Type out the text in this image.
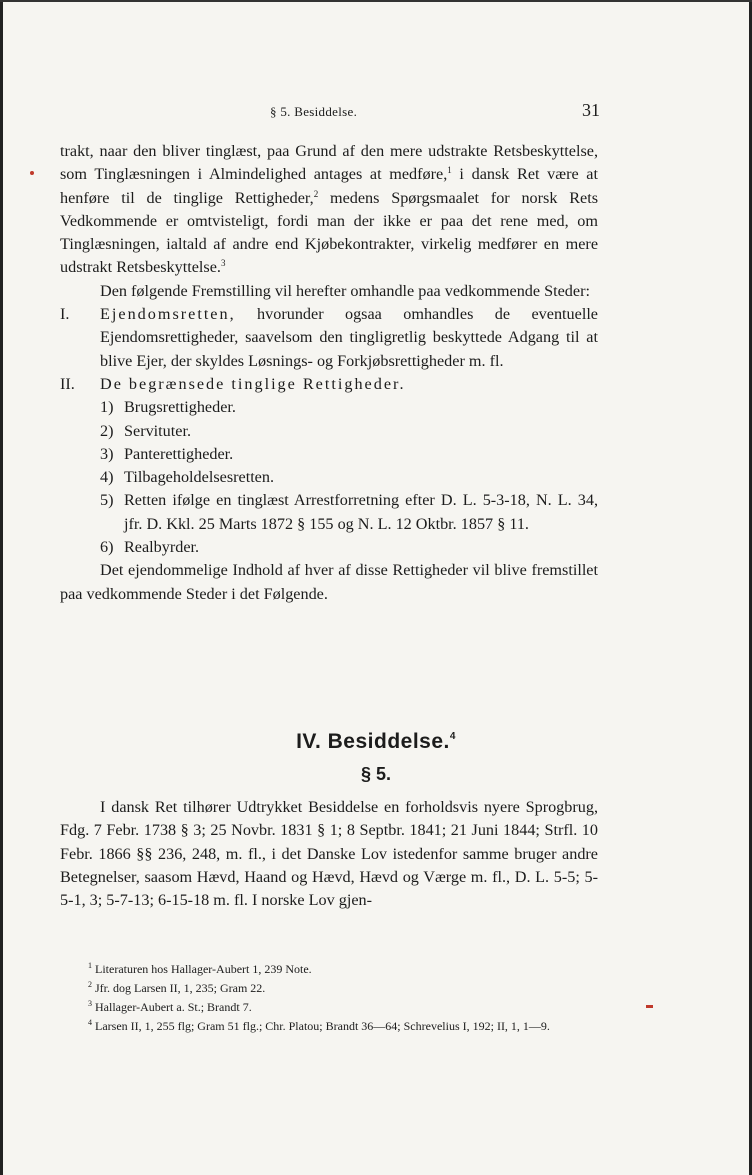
§ 5. Besiddelse.	31

trakt, naar den bliver tinglæst, paa Grund af den mere udstrakte Retsbeskyttelse, som Tinglæsningen i Almindelighed antages at medføre,$^1$ i dansk Ret være at henføre til de tinglige Rettigheder,$^2$ medens Spørgsmaalet for norsk Rets Vedkommende er omtvisteligt, fordi man der ikke er paa det rene med, om Tinglæsningen, ialtald af andre end Kjøbekontrakter, virkelig medfører en mere udstrakt Retsbeskyttelse.$^3$

Den følgende Fremstilling vil herefter omhandle paa vedkommende Steder:

I.	Ejendomsretten, hvorunder ogsaa omhandles de eventuelle Ejendomsrettigheder, saavelsom den tingligretlig beskyttede Adgang til at blive Ejer, der skyldes Løsnings- og Forkjøbsrettigheder m. fl.
II.	De begrænsede tinglige Rettigheder.
1) Brugsrettigheder.
2) Servituter.
3) Panterettigheder.
4) Tilbageholdelsesretten.
5) Retten ifølge en tinglæst Arrestforretning efter D. L. 5-3-18, N. L. 34, jfr. D. Kkl. 25 Marts 1872 § 155 og N. L. 12 Oktbr. 1857 § 11.
6) Realbyrder.

Det ejendommelige Indhold af hver af disse Rettigheder vil blive fremstillet paa vedkommende Steder i det Følgende.

IV. Besiddelse.$^4$
§ 5.

I dansk Ret tilhører Udtrykket Besiddelse en forholdsvis nyere Sprogbrug, Fdg. 7 Febr. 1738 § 3; 25 Novbr. 1831 § 1; 8 Septbr. 1841; 21 Juni 1844; Strfl. 10 Febr. 1866 §§ 236, 248, m. fl., i det Danske Lov istedenfor samme bruger andre Betegnelser, saasom Hævd, Haand og Hævd, Hævd og Værge m. fl., D. L. 5-5; 5-5-1, 3; 5-7-13; 6-15-18 m. fl. I norske Lov gjen-

$^1$ Literaturen hos Hallager-Aubert 1, 239 Note.
$^2$ Jfr. dog Larsen II, 1, 235; Gram 22.
$^3$ Hallager-Aubert a. St.; Brandt 7.
$^4$ Larsen II, 1, 255 flg; Gram 51 flg.; Chr. Platou; Brandt 36—64; Schrevelius I, 192; II, 1, 1—9.
